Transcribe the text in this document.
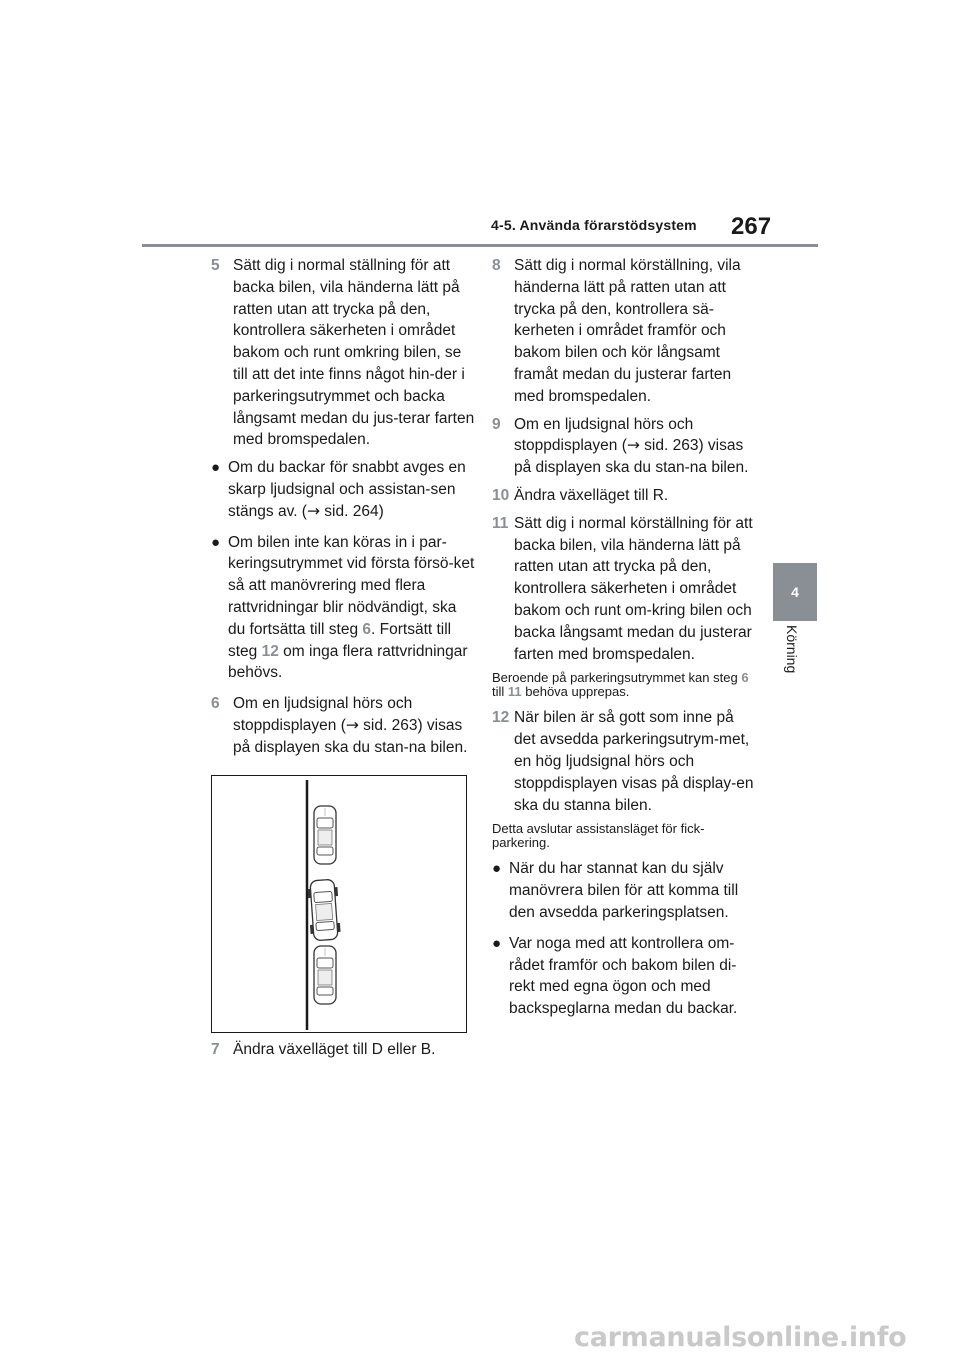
4-5. Använda förarstödsystem 267
4
Körning
5 Sätt dig i normal ställning för att backa bilen, vila händerna lätt på ratten utan att trycka på den, kontrollera säkerheten i området bakom och runt omkring bilen, se till att det inte finns något hin-der i parkeringsutrymmet och backa långsamt medan du jus-terar farten med bromspedalen.
● Om du backar för snabbt avges en skarp ljudsignal och assistan-sen stängs av. (→ sid. 264)
● Om bilen inte kan köras in i par-keringsutrymmet vid första försö-ket så att manövrering med flera rattvridningar blir nödvändigt, ska du fortsätta till steg 6. Fortsätt till steg 12 om inga flera rattvridningar behövs.
6 Om en ljudsignal hörs och stoppdisplayen (→ sid. 263) visas på displayen ska du stan-na bilen.
7 Ändra växelläget till D eller B.
8 Sätt dig i normal körställning, vila händerna lätt på ratten utan att trycka på den, kontrollera sä-kerheten i området framför och bakom bilen och kör långsamt framåt medan du justerar farten med bromspedalen.
9 Om en ljudsignal hörs och stoppdisplayen (→ sid. 263) visas på displayen ska du stan-na bilen.
10 Ändra växelläget till R.
11 Sätt dig i normal körställning för att backa bilen, vila händerna lätt på ratten utan att trycka på den, kontrollera säkerheten i området bakom och runt om-kring bilen och backa långsamt medan du justerar farten med bromspedalen.
Beroende på parkeringsutrymmet kan steg 6 till 11 behöva upprepas.
12 När bilen är så gott som inne på det avsedda parkeringsutrym-met, en hög ljudsignal hörs och stoppdisplayen visas på display-en ska du stanna bilen.
Detta avslutar assistansläget för fick-parkering.
● När du har stannat kan du själv manövrera bilen för att komma till den avsedda parkeringsplatsen.
● Var noga med att kontrollera om-rådet framför och bakom bilen di-rekt med egna ögon och med backspeglarna medan du backar.
carmanualsonline.info
